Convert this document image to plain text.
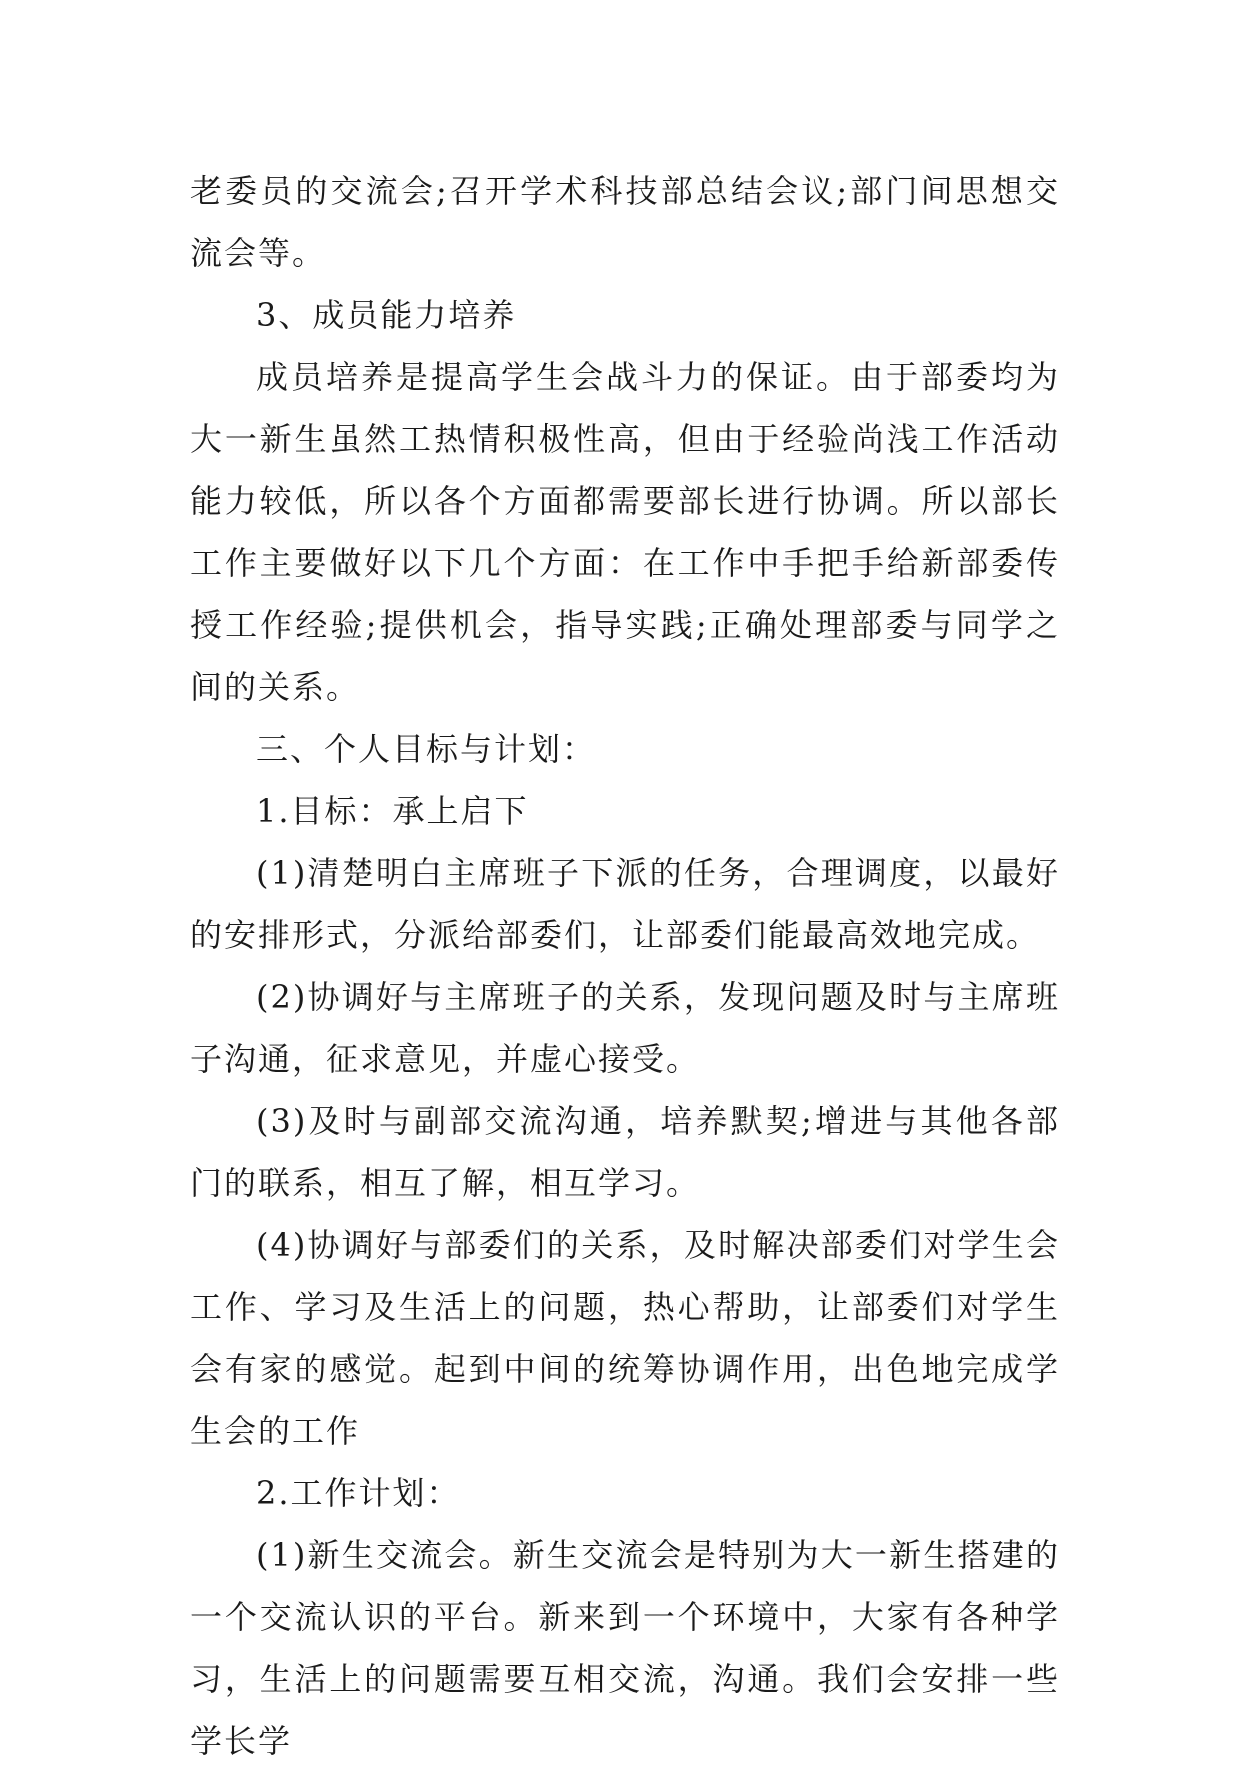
老委员的交流会;召开学术科技部总结会议;部门间思想交流会等。

3、成员能力培养

成员培养是提高学生会战斗力的保证。由于部委均为大一新生虽然工热情积极性高，但由于经验尚浅工作活动能力较低，所以各个方面都需要部长进行协调。所以部长工作主要做好以下几个方面：在工作中手把手给新部委传授工作经验;提供机会，指导实践;正确处理部委与同学之间的关系。

三、个人目标与计划：

1.目标：承上启下

(1)清楚明白主席班子下派的任务，合理调度，以最好的安排形式，分派给部委们，让部委们能最高效地完成。

(2)协调好与主席班子的关系，发现问题及时与主席班子沟通，征求意见，并虚心接受。

(3)及时与副部交流沟通，培养默契;增进与其他各部门的联系，相互了解，相互学习。

(4)协调好与部委们的关系，及时解决部委们对学生会工作、学习及生活上的问题，热心帮助，让部委们对学生会有家的感觉。起到中间的统筹协调作用，出色地完成学生会的工作

2.工作计划：

(1)新生交流会。新生交流会是特别为大一新生搭建的一个交流认识的平台。新来到一个环境中，大家有各种学习，生活上的问题需要互相交流，沟通。我们会安排一些学长学
